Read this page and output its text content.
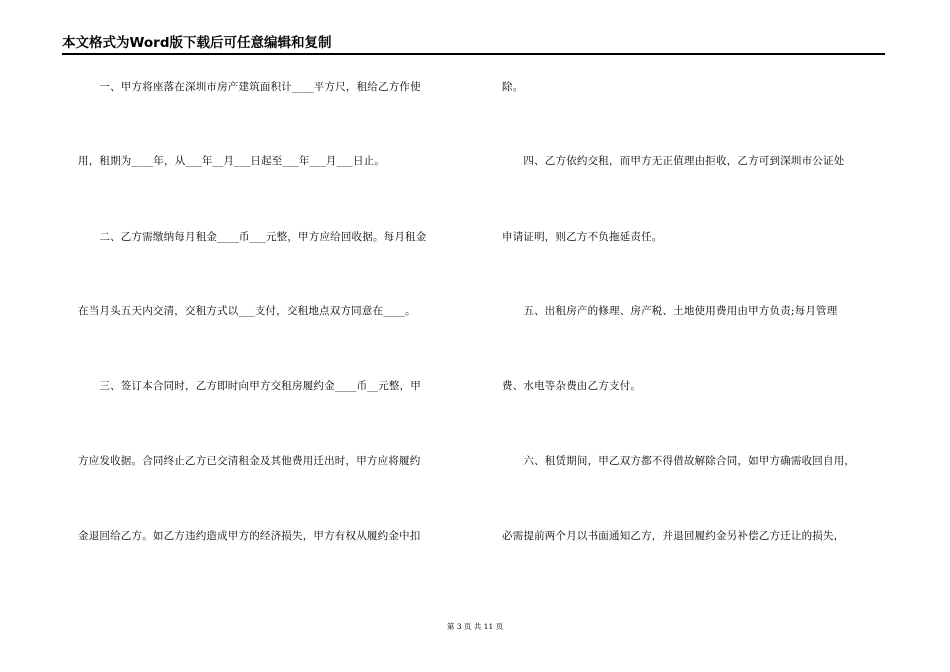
本文格式为Word版下载后可任意编辑和复制
　　一、甲方将座落在深圳市房产建筑面积计____平方尺，租给乙方作使
用，租期为____年，从___年__月___日起至___年___月___日止。
　　二、乙方需缴纳每月租金____币___元整，甲方应给回收据。每月租金
在当月头五天内交清，交租方式以___支付，交租地点双方同意在____。
　　三、签订本合同时，乙方即时向甲方交租房履约金____币__元整，甲
方应发收据。合同终止乙方已交清租金及其他费用迁出时，甲方应将履约
金退回给乙方。如乙方违约造成甲方的经济损失，甲方有权从履约金中扣
除。
　　四、乙方依约交租，而甲方无正值理由拒收，乙方可到深圳市公证处
申请证明，则乙方不负拖延责任。
　　五、出租房产的修理、房产税、土地使用费用由甲方负责;每月管理
费、水电等杂费由乙方支付。
　　六、租赁期间，甲乙双方都不得借故解除合同，如甲方确需收回自用，
必需提前两个月以书面通知乙方，并退回履约金另补偿乙方迁让的损失，
第 3 页 共 11 页
